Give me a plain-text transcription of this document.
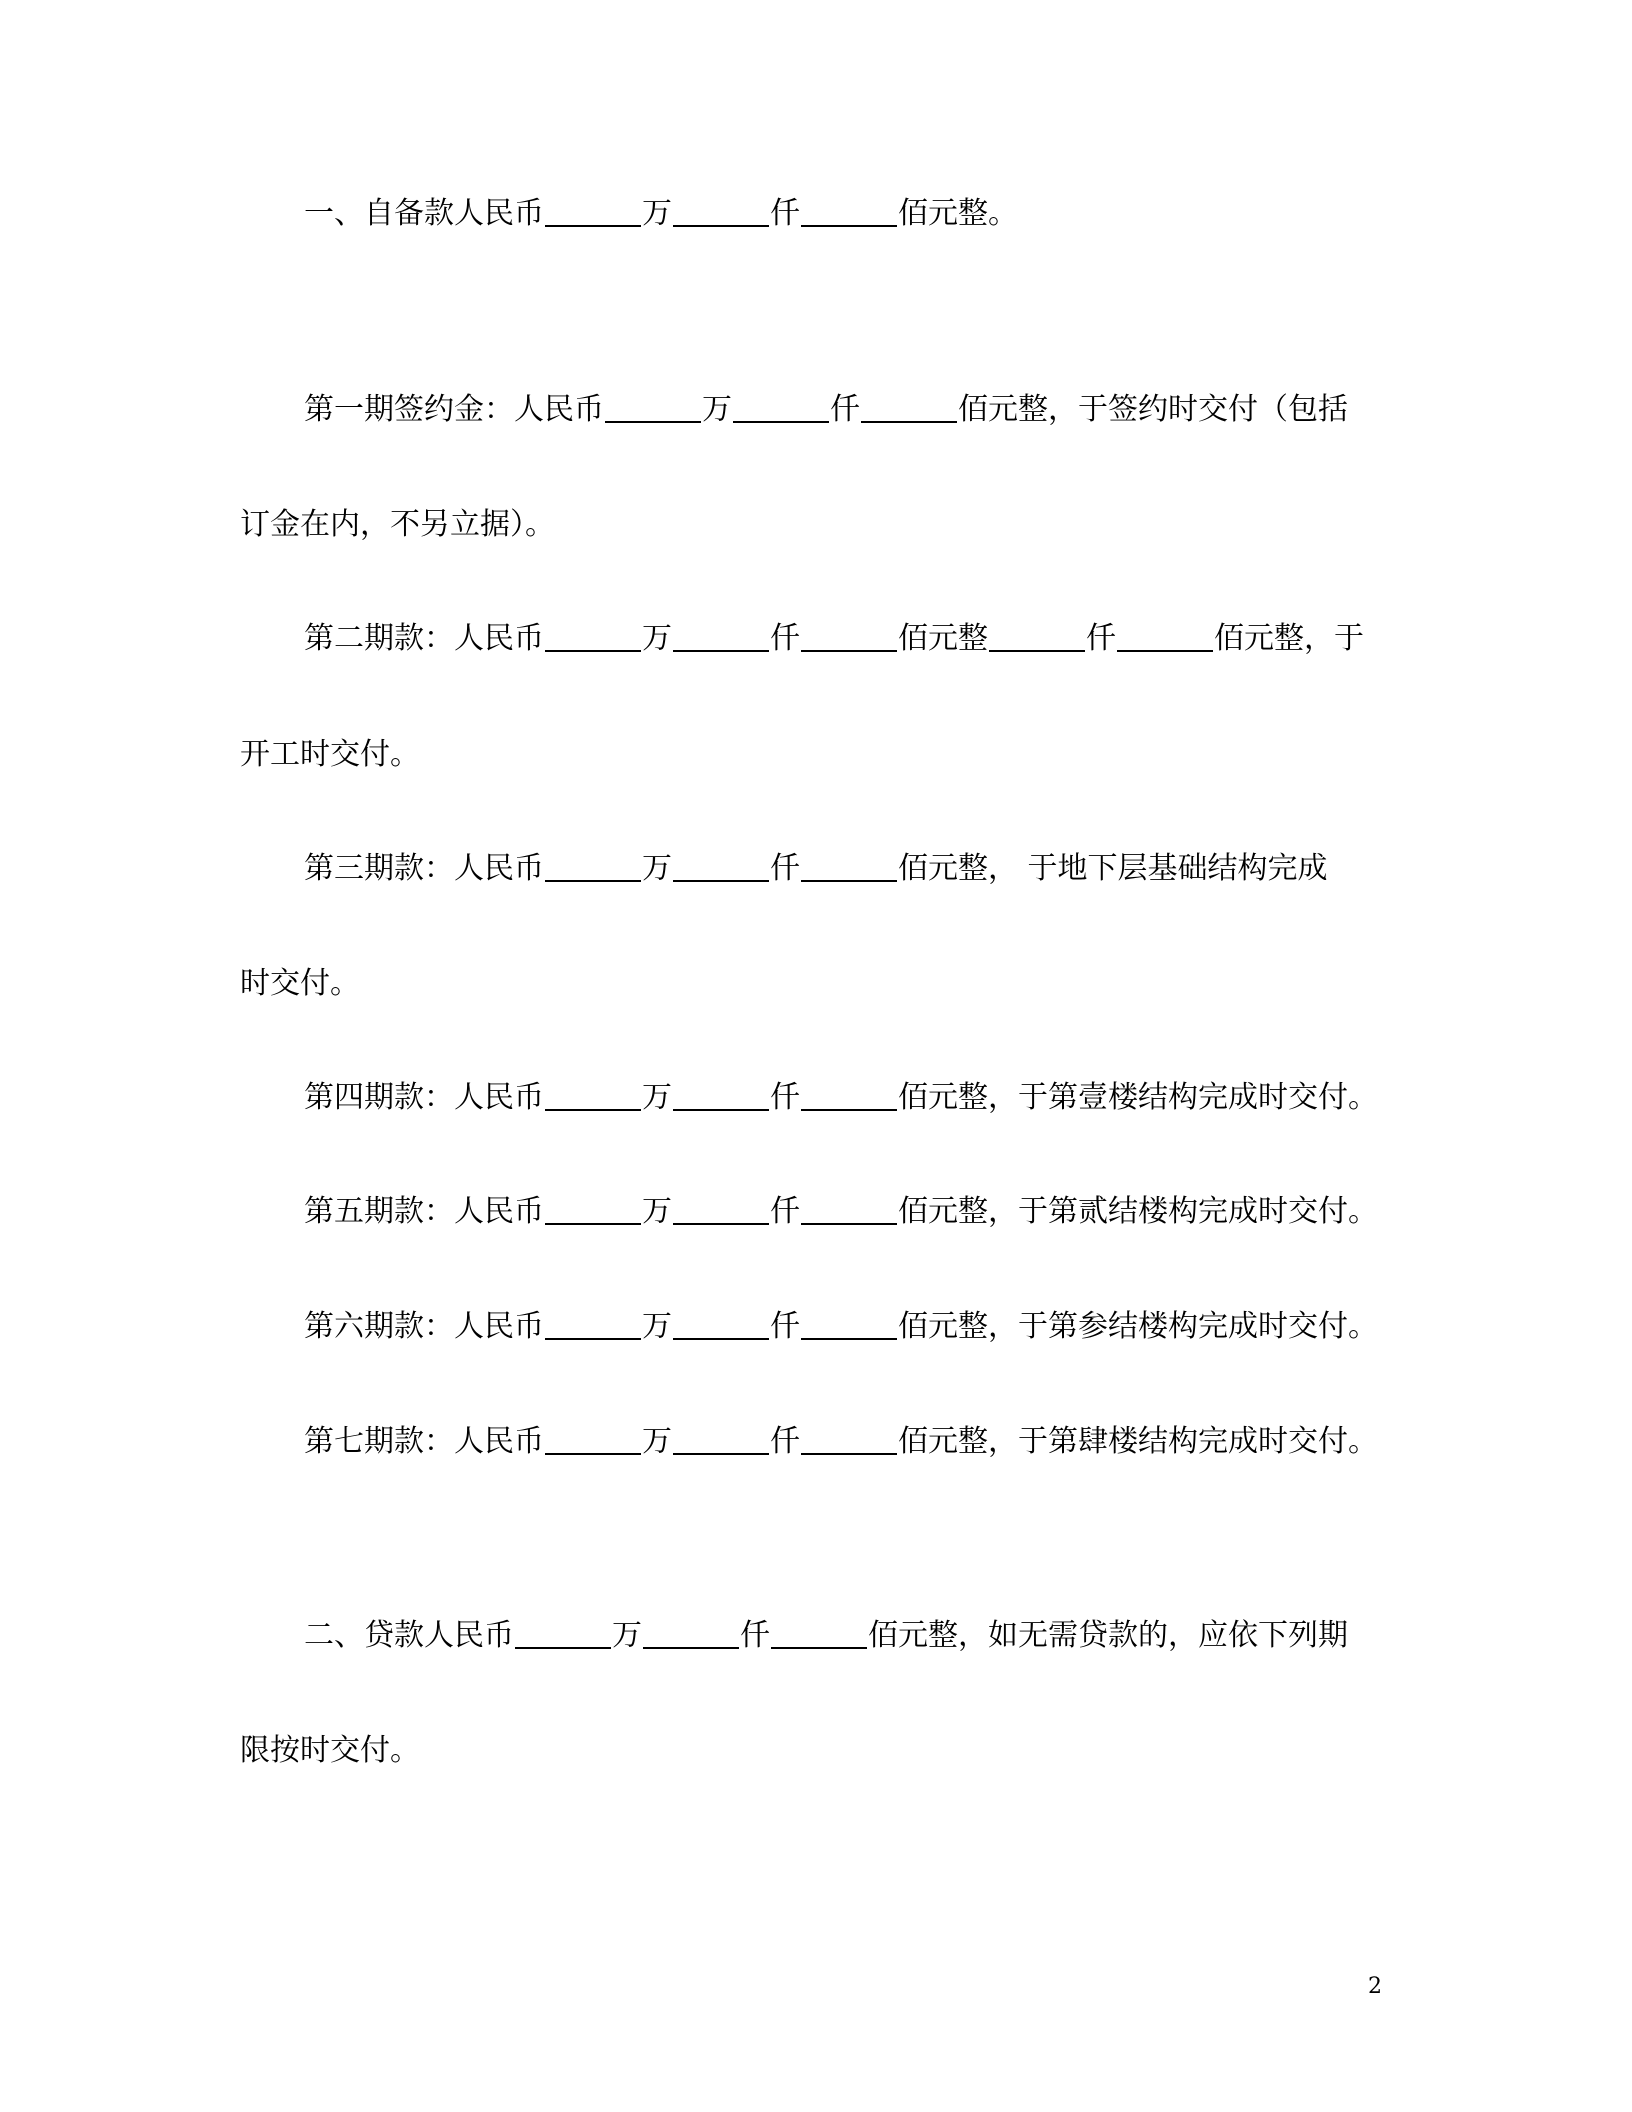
一、自备款人民币	万	仟	佰元整。
第一期签约金：人民币	万	仟	佰元整，于签约时交付（包括
订金在内，不另立据）。
第二期款：人民币	万	仟	佰元整	仟	佰元整，于
开工时交付。
第三期款：人民币	万	仟	佰元整， 于地下层基础结构完成
时交付。
第四期款：人民币	万	仟	佰元整，于第壹楼结构完成时交付。
第五期款：人民币	万	仟	佰元整，于第贰结楼构完成时交付。
第六期款：人民币	万	仟	佰元整，于第参结楼构完成时交付。
第七期款：人民币	万	仟	佰元整，于第肆楼结构完成时交付。
二、贷款人民币	万	仟	佰元整，如无需贷款的，应依下列期
限按时交付。
2
